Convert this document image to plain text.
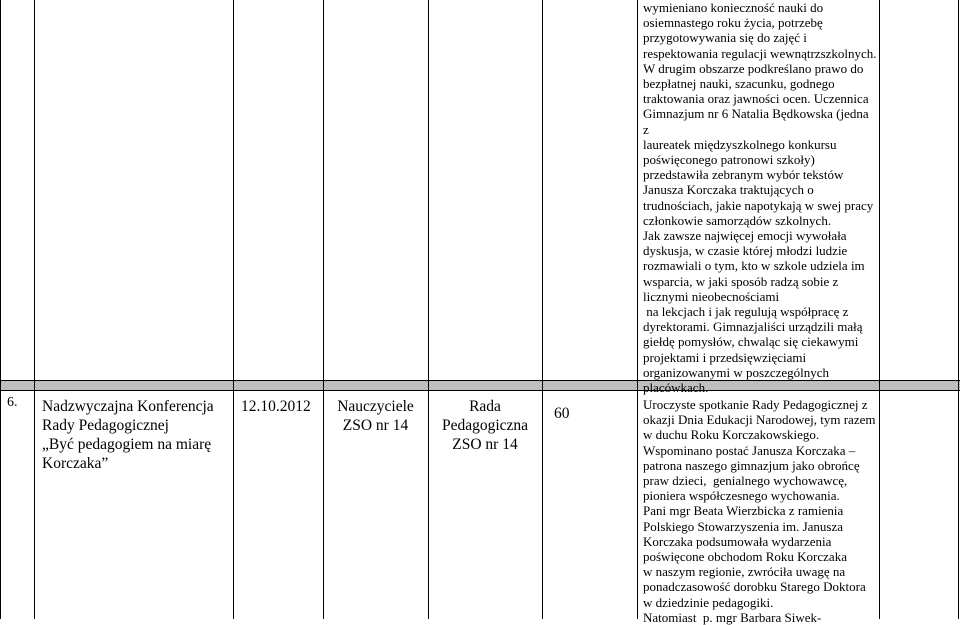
wymieniano konieczność nauki do
osiemnastego roku życia, potrzebę
przygotowywania się do zajęć i
respektowania regulacji wewnątrzszkolnych.
W drugim obszarze podkreślano prawo do
bezpłatnej nauki, szacunku, godnego
traktowania oraz jawności ocen. Uczennica
Gimnazjum nr 6 Natalia Będkowska (jedna z
laureatek międzyszkolnego konkursu
poświęconego patronowi szkoły)
przedstawiła zebranym wybór tekstów
Janusza Korczaka traktujących o
trudnościach, jakie napotykają w swej pracy
członkowie samorządów szkolnych.
Jak zawsze najwięcej emocji wywołała
dyskusja, w czasie której młodzi ludzie
rozmawiali o tym, kto w szkole udziela im
wsparcia, w jaki sposób radzą sobie z
licznymi nieobecnościami
na lekcjach i jak regulują współpracę z
dyrektorami. Gimnazjaliści urządzili małą
giełdę pomysłów, chwaląc się ciekawymi
projektami i przedsięwzięciami
organizowanymi w poszczególnych
placówkach.
6. Nadzwyczajna Konferencja
Rady Pedagogicznej
„Być pedagogiem na miarę
Korczaka”
12.10.2012	Nauczyciele
ZSO nr 14
Rada
Pedagogiczna
ZSO nr 14
60
Uroczyste spotkanie Rady Pedagogicznej z
okazji Dnia Edukacji Narodowej, tym razem
w duchu Roku Korczakowskiego.
Wspominano postać Janusza Korczaka –
patrona naszego gimnazjum jako obrońcę
praw dzieci,  genialnego wychowawcę,
pioniera współczesnego wychowania.
Pani mgr Beata Wierzbicka z ramienia
Polskiego Stowarzyszenia im. Janusza
Korczaka podsumowała wydarzenia
poświęcone obchodom Roku Korczaka
w naszym regionie, zwróciła uwagę na
ponadczasowość dorobku Starego Doktora
w dziedzinie pedagogiki.
Natomiast  p. mgr Barbara Siwek-
